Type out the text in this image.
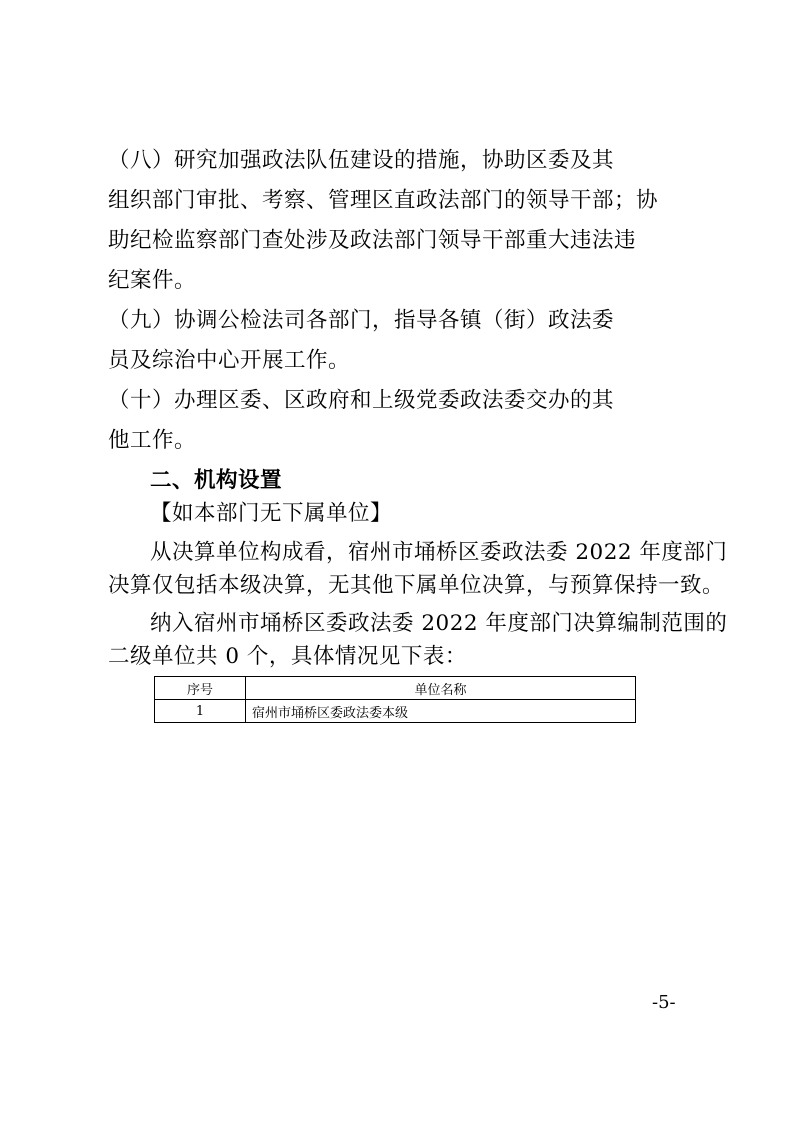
（八）研究加强政法队伍建设的措施，协助区委及其
组织部门审批、考察、管理区直政法部门的领导干部；协
助纪检监察部门查处涉及政法部门领导干部重大违法违
纪案件。
（九）协调公检法司各部门，指导各镇（街）政法委
员及综治中心开展工作。
（十）办理区委、区政府和上级党委政法委交办的其
他工作。
二、机构设置
【如本部门无下属单位】
从决算单位构成看，宿州市埇桥区委政法委 2022 年度部门
决算仅包括本级决算，无其他下属单位决算，与预算保持一致。
纳入宿州市埇桥区委政法委 2022 年度部门决算编制范围的
二级单位共 0 个，具体情况见下表：
序号	单位名称
1	宿州市埇桥区委政法委本级
-5-
